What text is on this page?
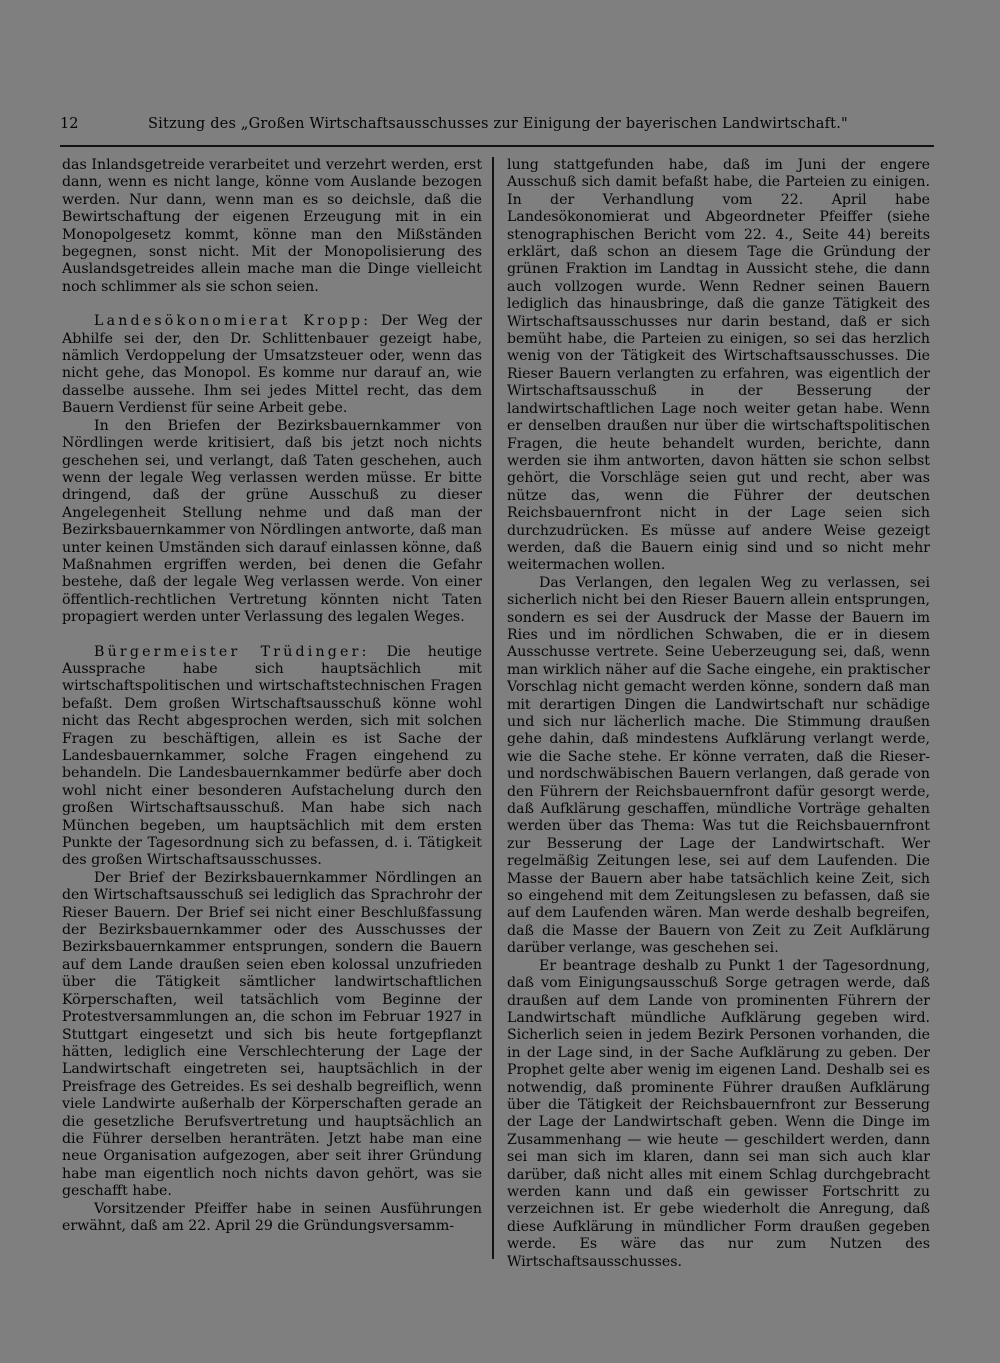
12	Sitzung des „Großen Wirtschaftsausschusses zur Einigung der bayerischen Landwirtschaft."

das Inlandsgetreide verarbeitet und verzehrt werden, erst dann, wenn es nicht lange, könne vom Auslande bezogen werden. Nur dann, wenn man es so deichsle, daß die Bewirtschaftung der eigenen Erzeugung mit in ein Monopolgesetz kommt, könne man den Mißständen begegnen, sonst nicht. Mit der Monopolisierung des Auslandsgetreides allein mache man die Dinge vielleicht noch schlimmer als sie schon seien.

Landesökonomierat Kropp: Der Weg der Abhilfe sei der, den Dr. Schlittenbauer gezeigt habe, nämlich Verdoppelung der Umsatzsteuer oder, wenn das nicht gehe, das Monopol. Es komme nur darauf an, wie dasselbe aussehe. Ihm sei jedes Mittel recht, das dem Bauern Verdienst für seine Arbeit gebe.

In den Briefen der Bezirksbauernkammer von Nördlingen werde kritisiert, daß bis jetzt noch nichts geschehen sei, und verlangt, daß Taten geschehen, auch wenn der legale Weg verlassen werden müsse. Er bitte dringend, daß der grüne Ausschuß zu dieser Angelegenheit Stellung nehme und daß man der Bezirksbauernkammer von Nördlingen antworte, daß man unter keinen Umständen sich darauf einlassen könne, daß Maßnahmen ergriffen werden, bei denen die Gefahr bestehe, daß der legale Weg verlassen werde. Von einer öffentlich-rechtlichen Vertretung könnten nicht Taten propagiert werden unter Verlassung des legalen Weges.

Bürgermeister Trüdinger: Die heutige Aussprache habe sich hauptsächlich mit wirtschaftspolitischen und wirtschaftstechnischen Fragen befaßt. Dem großen Wirtschaftsausschuß könne wohl nicht das Recht abgesprochen werden, sich mit solchen Fragen zu beschäftigen, allein es ist Sache der Landesbauernkammer, solche Fragen eingehend zu behandeln. Die Landesbauernkammer bedürfe aber doch wohl nicht einer besonderen Aufstachelung durch den großen Wirtschaftsausschuß. Man habe sich nach München begeben, um hauptsächlich mit dem ersten Punkte der Tagesordnung sich zu befassen, d. i. Tätigkeit des großen Wirtschaftsausschusses.

Der Brief der Bezirksbauernkammer Nördlingen an den Wirtschaftsausschuß sei lediglich das Sprachrohr der Rieser Bauern. Der Brief sei nicht einer Beschlußfassung der Bezirksbauernkammer oder des Ausschusses der Bezirksbauernkammer entsprungen, sondern die Bauern auf dem Lande draußen seien eben kolossal unzufrieden über die Tätigkeit sämtlicher landwirtschaftlichen Körperschaften, weil tatsächlich vom Beginne der Protestversammlungen an, die schon im Februar 1927 in Stuttgart eingesetzt und sich bis heute fortgepflanzt hätten, lediglich eine Verschlechterung der Lage der Landwirtschaft eingetreten sei, hauptsächlich in der Preisfrage des Getreides. Es sei deshalb begreiflich, wenn viele Landwirte außerhalb der Körperschaften gerade an die gesetzliche Berufsvertretung und hauptsächlich an die Führer derselben heranträten. Jetzt habe man eine neue Organisation aufgezogen, aber seit ihrer Gründung habe man eigentlich noch nichts davon gehört, was sie geschafft habe.

Vorsitzender Pfeiffer habe in seinen Ausführungen erwähnt, daß am 22. April 29 die Gründungsversamm-

lung stattgefunden habe, daß im Juni der engere Ausschuß sich damit befaßt habe, die Parteien zu einigen. In der Verhandlung vom 22. April habe Landesökonomierat und Abgeordneter Pfeiffer (siehe stenographischen Bericht vom 22. 4., Seite 44) bereits erklärt, daß schon an diesem Tage die Gründung der grünen Fraktion im Landtag in Aussicht stehe, die dann auch vollzogen wurde. Wenn Redner seinen Bauern lediglich das hinausbringe, daß die ganze Tätigkeit des Wirtschaftsausschusses nur darin bestand, daß er sich bemüht habe, die Parteien zu einigen, so sei das herzlich wenig von der Tätigkeit des Wirtschaftsausschusses. Die Rieser Bauern verlangten zu erfahren, was eigentlich der Wirtschaftsausschuß in der Besserung der landwirtschaftlichen Lage noch weiter getan habe. Wenn er denselben draußen nur über die wirtschaftspolitischen Fragen, die heute behandelt wurden, berichte, dann werden sie ihm antworten, davon hätten sie schon selbst gehört, die Vorschläge seien gut und recht, aber was nütze das, wenn die Führer der deutschen Reichsbauernfront nicht in der Lage seien sich durchzudrücken. Es müsse auf andere Weise gezeigt werden, daß die Bauern einig sind und so nicht mehr weitermachen wollen.

Das Verlangen, den legalen Weg zu verlassen, sei sicherlich nicht bei den Rieser Bauern allein entsprungen, sondern es sei der Ausdruck der Masse der Bauern im Ries und im nördlichen Schwaben, die er in diesem Ausschusse vertrete. Seine Ueberzeugung sei, daß, wenn man wirklich näher auf die Sache eingehe, ein praktischer Vorschlag nicht gemacht werden könne, sondern daß man mit derartigen Dingen die Landwirtschaft nur schädige und sich nur lächerlich mache. Die Stimmung draußen gehe dahin, daß mindestens Aufklärung verlangt werde, wie die Sache stehe. Er könne verraten, daß die Rieser- und nordschwäbischen Bauern verlangen, daß gerade von den Führern der Reichsbauernfront dafür gesorgt werde, daß Aufklärung geschaffen, mündliche Vorträge gehalten werden über das Thema: Was tut die Reichsbauernfront zur Besserung der Lage der Landwirtschaft. Wer regelmäßig Zeitungen lese, sei auf dem Laufenden. Die Masse der Bauern aber habe tatsächlich keine Zeit, sich so eingehend mit dem Zeitungslesen zu befassen, daß sie auf dem Laufenden wären. Man werde deshalb begreifen, daß die Masse der Bauern von Zeit zu Zeit Aufklärung darüber verlange, was geschehen sei.

Er beantrage deshalb zu Punkt 1 der Tagesordnung, daß vom Einigungsausschuß Sorge getragen werde, daß draußen auf dem Lande von prominenten Führern der Landwirtschaft mündliche Aufklärung gegeben wird. Sicherlich seien in jedem Bezirk Personen vorhanden, die in der Lage sind, in der Sache Aufklärung zu geben. Der Prophet gelte aber wenig im eigenen Land. Deshalb sei es notwendig, daß prominente Führer draußen Aufklärung über die Tätigkeit der Reichsbauernfront zur Besserung der Lage der Landwirtschaft geben. Wenn die Dinge im Zusammenhang — wie heute — geschildert werden, dann sei man sich im klaren, dann sei man sich auch klar darüber, daß nicht alles mit einem Schlag durchgebracht werden kann und daß ein gewisser Fortschritt zu verzeichnen ist. Er gebe wiederholt die Anregung, daß diese Aufklärung in mündlicher Form draußen gegeben werde. Es wäre das nur zum Nutzen des Wirtschaftsausschusses.
